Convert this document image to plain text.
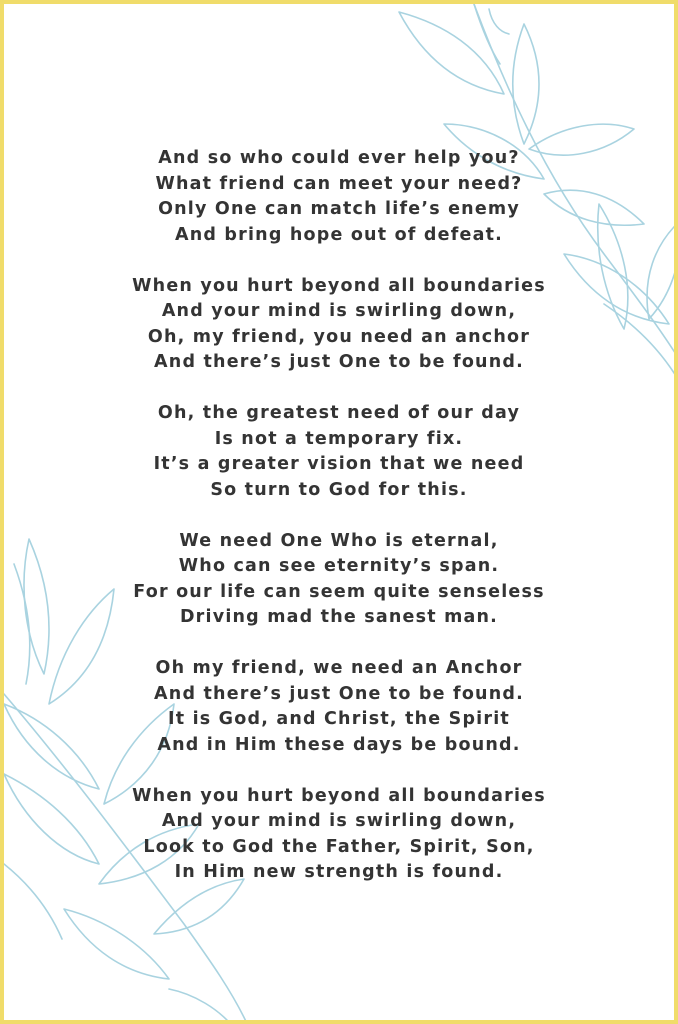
And so who could ever help you?
What friend can meet your need?
Only One can match life’s enemy
And bring hope out of defeat.
When you hurt beyond all boundaries
And your mind is swirling down,
Oh, my friend, you need an anchor
And there’s just One to be found.
Oh, the greatest need of our day
Is not a temporary fix.
It’s a greater vision that we need
So turn to God for this.
We need One Who is eternal,
Who can see eternity’s span.
For our life can seem quite senseless
Driving mad the sanest man.
Oh my friend, we need an Anchor
And there’s just One to be found.
It is God, and Christ, the Spirit
And in Him these days be bound.
When you hurt beyond all boundaries
And your mind is swirling down,
Look to God the Father, Spirit, Son,
In Him new strength is found.
